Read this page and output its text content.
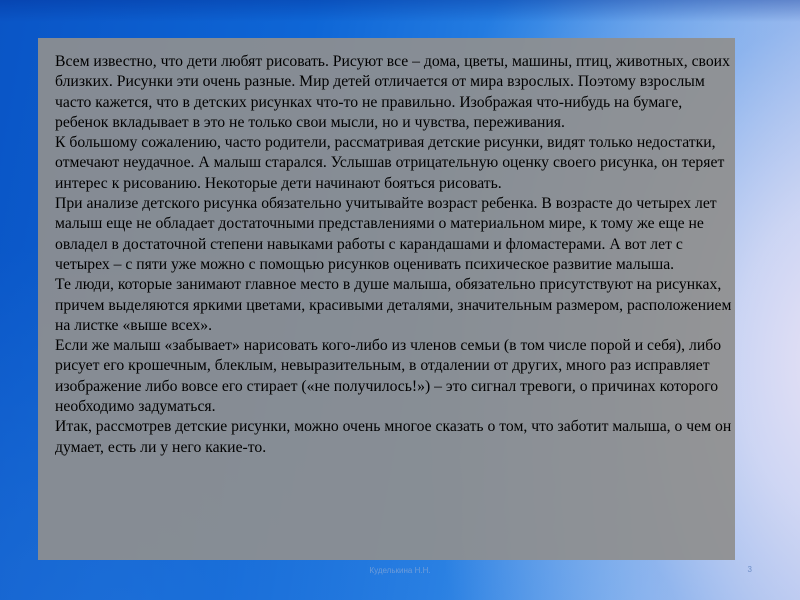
Всем известно, что дети любят рисовать. Рисуют все – дома, цветы, машины, птиц, животных, своих близких. Рисунки эти очень разные. Мир детей отличается от мира взрослых. Поэтому взрослым часто кажется, что в детских рисунках что-то не правильно. Изображая что-нибудь на бумаге, ребенок вкладывает в это не только свои мысли, но и чувства, переживания.

К большому сожалению, часто родители, рассматривая детские рисунки, видят только недостатки, отмечают неудачное. А малыш старался. Услышав отрицательную оценку своего рисунка, он теряет интерес к рисованию. Некоторые дети начинают бояться рисовать.

При анализе детского рисунка обязательно учитывайте возраст ребенка. В возрасте до четырех лет малыш еще не обладает достаточными представлениями о материальном мире, к тому же еще не овладел в достаточной степени навыками работы с карандашами и фломастерами. А вот лет с четырех – с пяти уже можно с помощью рисунков оценивать психическое развитие малыша.

Те люди, которые занимают главное место в душе малыша, обязательно присутствуют на рисунках, причем выделяются яркими цветами, красивыми деталями, значительным размером, расположением на листке «выше всех».

Если же малыш «забывает» нарисовать кого-либо из членов семьи (в том числе порой и себя), либо рисует его крошечным, блеклым, невыразительным, в отдалении от других, много раз исправляет изображение либо вовсе его стирает («не получилось!») – это сигнал тревоги, о причинах которого необходимо задуматься.

Итак, рассмотрев детские рисунки, можно очень многое сказать о том, что заботит малыша, о чем он думает, есть ли у него какие-то.

Куделькина Н.Н.	3
